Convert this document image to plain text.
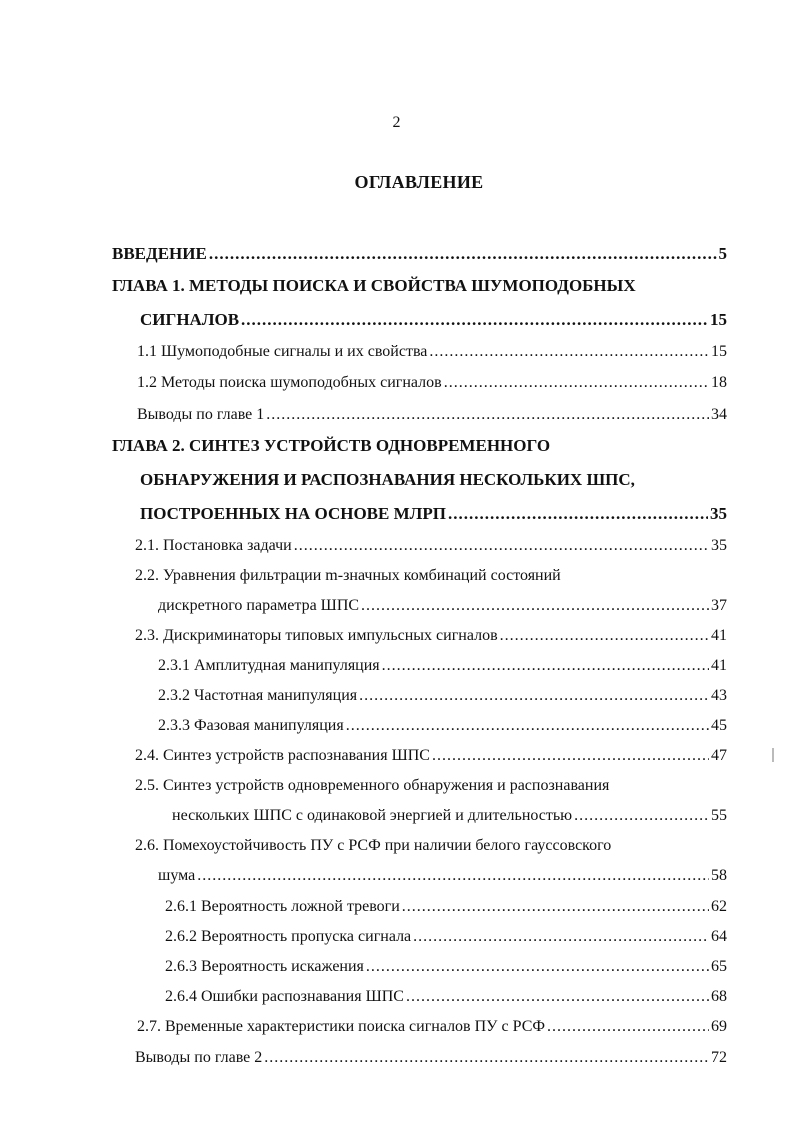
2
ОГЛАВЛЕНИЕ
ВВЕДЕНИЕ .....	5
ГЛАВА 1. МЕТОДЫ ПОИСКА И СВОЙСТВА ШУМОПОДОБНЫХ
СИГНАЛОВ .....	15
1.1 Шумоподобные сигналы и их свойства .....	15
1.2 Методы поиска шумоподобных сигналов .....	18
Выводы по главе 1 .....	34
ГЛАВА 2. СИНТЕЗ УСТРОЙСТВ ОДНОВРЕМЕННОГО
ОБНАРУЖЕНИЯ И РАСПОЗНАВАНИЯ НЕСКОЛЬКИХ ШПС,
ПОСТРОЕННЫХ НА ОСНОВЕ МЛРП .....	35
2.1. Постановка задачи .....	35
2.2. Уравнения фильтрации m-значных комбинаций состояний
дискретного параметра ШПС .....	37
2.3. Дискриминаторы типовых импульсных сигналов .....	41
2.3.1 Амплитудная манипуляция .....	41
2.3.2 Частотная манипуляция .....	43
2.3.3 Фазовая манипуляция .....	45
2.4. Синтез устройств распознавания ШПС .....	47
2.5. Синтез устройств одновременного обнаружения и распознавания
нескольких ШПС с одинаковой энергией и длительностью .....	55
2.6. Помехоустойчивость ПУ с РСФ при наличии белого гауссовского
шума .....	58
2.6.1 Вероятность ложной тревоги .....	62
2.6.2 Вероятность пропуска сигнала .....	64
2.6.3 Вероятность искажения .....	65
2.6.4 Ошибки распознавания ШПС .....	68
2.7. Временные характеристики поиска сигналов ПУ с РСФ .....	69
Выводы по главе 2 .....	72
